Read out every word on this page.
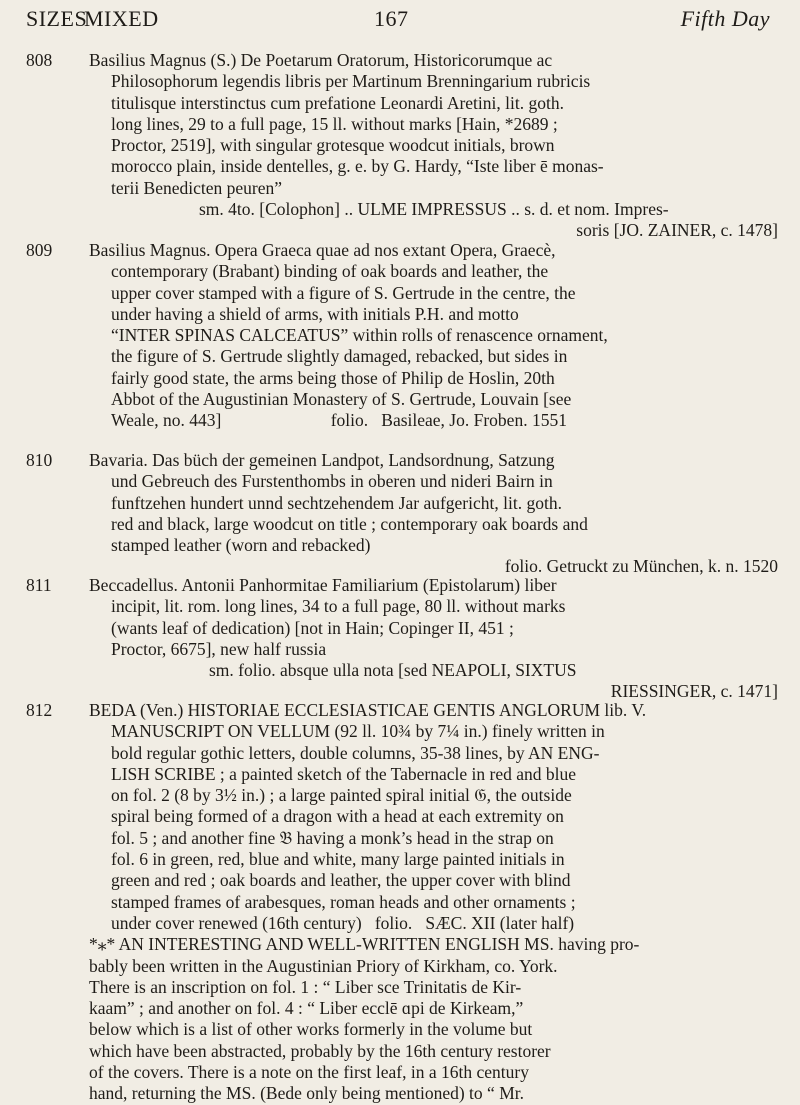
SIZES
MIXED	167	Fifth Day
808	Basilius Magnus (S.) De Poetarum Oratorum, Historicorumque ac

Philosophorum legendis libris per Martinum Brenningarium rubricis

titulisque interstinctus cum prefatione Leonardi Aretini, lit. goth.

long lines, 29 to a full page, 15 ll. without marks [Hain, *2689 ;

Proctor, 2519], with singular grotesque woodcut initials, brown

morocco plain, inside dentelles, g. e. by G. Hardy, “Iste liber ē monas-

terii Benedicten peuren”

sm. 4to. [Colophon] .. ULME IMPRESSUS .. s. d. et nom. Impres-

soris [JO. ZAINER, c. 1478]

809	Basilius Magnus. Opera Graeca quae ad nos extant Opera, Graecè,

contemporary (Brabant) binding of oak boards and leather, the

upper cover stamped with a figure of S. Gertrude in the centre, the

under having a shield of arms, with initials P.H. and motto

“INTER SPINAS CALCEATUS” within rolls of renascence ornament,

the figure of S. Gertrude slightly damaged, rebacked, but sides in

fairly good state, the arms being those of Philip de Hoslin, 20th

Abbot of the Augustinian Monastery of S. Gertrude, Louvain [see

Weale, no. 443]                         folio.   Basileae, Jo. Froben. 1551

810	Bavaria. Das büch der gemeinen Landpot, Landsordnung, Satzung

und Gebreuch des Furstenthombs in oberen und nideri Bairn in

funftzehen hundert unnd sechtzehendem Jar aufgericht, lit. goth.

red and black, large woodcut on title ; contemporary oak boards and

stamped leather (worn and rebacked)

folio. Getruckt zu München, k. n. 1520

811	Beccadellus. Antonii Panhormitae Familiarium (Epistolarum) liber

incipit, lit. rom. long lines, 34 to a full page, 80 ll. without marks

(wants leaf of dedication) [not in Hain; Copinger II, 451 ;

Proctor, 6675], new half russia

sm. folio. absque ulla nota [sed NEAPOLI, SIXTUS

RIESSINGER, c. 1471]

812	BEDA (Ven.) HISTORIAE ECCLESIASTICAE GENTIS ANGLORUM lib. V.

MANUSCRIPT ON VELLUM (92 ll. 10¾ by 7¼ in.) finely written in

bold regular gothic letters, double columns, 35-38 lines, by AN ENG-

LISH SCRIBE ; a painted sketch of the Tabernacle in red and blue

on fol. 2 (8 by 3½ in.) ; a large painted spiral initial 𝔊, the outside

spiral being formed of a dragon with a head at each extremity on

fol. 5 ; and another fine 𝔅 having a monk’s head in the strap on

fol. 6 in green, red, blue and white, many large painted initials in

green and red ; oak boards and leather, the upper cover with blind

stamped frames of arabesques, roman heads and other ornaments ;

under cover renewed (16th century)   folio.   SÆC. XII (later half)

*⁎* AN INTERESTING AND WELL-WRITTEN ENGLISH MS. having pro-

bably been written in the Augustinian Priory of Kirkham, co. York.

There is an inscription on fol. 1 : “ Liber sce Trinitatis de Kir-

kaam” ; and another on fol. 4 : “ Liber ecclē ɑpi de Kirkeam,”

below which is a list of other works formerly in the volume but

which have been abstracted, probably by the 16th century restorer

of the covers. There is a note on the first leaf, in a 16th century

hand, returning the MS. (Bede only being mentioned) to “ Mr.
